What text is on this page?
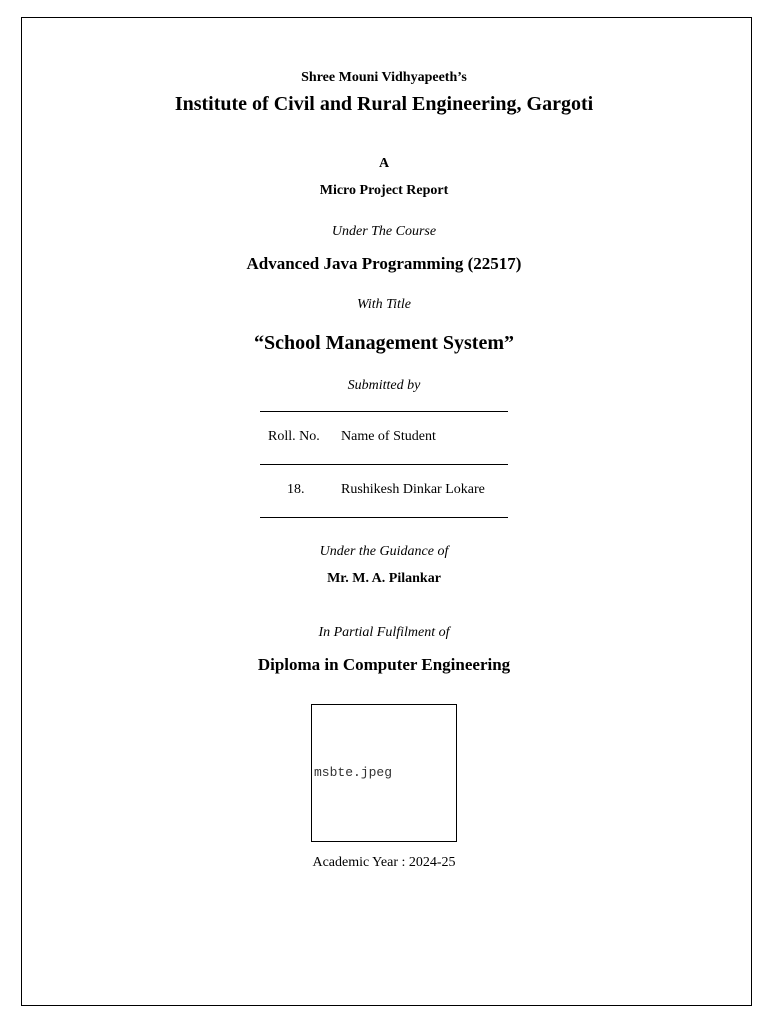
Shree Mouni Vidhyapeeth’s
Institute of Civil and Rural Engineering, Gargoti
A
Micro Project Report
Under The Course
Advanced Java Programming (22517)
With Title
“School Management System”
Submitted by
Roll. No. Name of Student
18.	Rushikesh Dinkar Lokare
Under the Guidance of
Mr. M. A. Pilankar
In Partial Fulfilment of
Diploma in Computer Engineering
msbte.jpeg
Academic Year : 2024-25
